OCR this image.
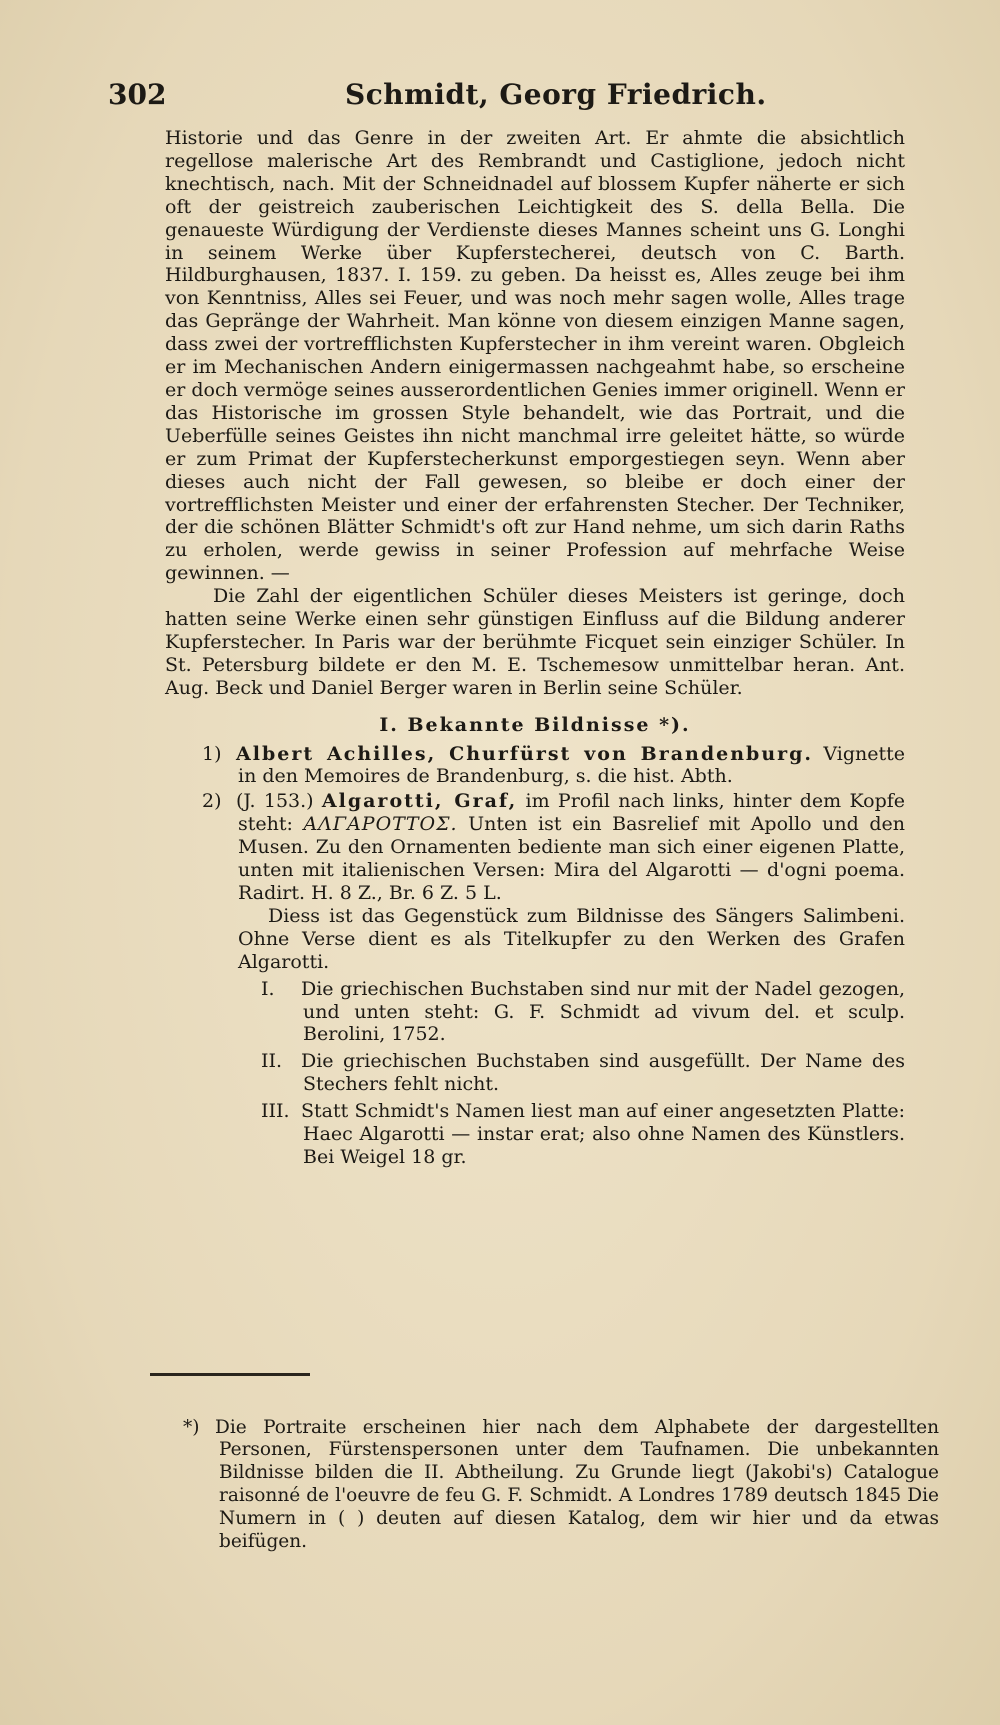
302	Schmidt, Georg Friedrich.

Historie und das Genre in der zweiten Art. Er ahmte die absichtlich regellose malerische Art des Rembrandt und Castiglione, jedoch nicht knechtisch, nach. Mit der Schneidnadel auf blossem Kupfer näherte er sich oft der geistreich zauberischen Leichtigkeit des S. della Bella. Die genaueste Würdigung der Verdienste dieses Mannes scheint uns G. Longhi in seinem Werke über Kupferstecherei, deutsch von C. Barth. Hildburghausen, 1837. I. 159. zu geben. Da heisst es, Alles zeuge bei ihm von Kenntniss, Alles sei Feuer, und was noch mehr sagen wolle, Alles trage das Gepränge der Wahrheit. Man könne von diesem einzigen Manne sagen, dass zwei der vortrefflichsten Kupferstecher in ihm vereint waren. Obgleich er im Mechanischen Andern einigermassen nachgeahmt habe, so erscheine er doch vermöge seines ausserordentlichen Genies immer originell. Wenn er das Historische im grossen Style behandelt, wie das Portrait, und die Ueberfülle seines Geistes ihn nicht manchmal irre geleitet hätte, so würde er zum Primat der Kupferstecherkunst emporgestiegen seyn. Wenn aber dieses auch nicht der Fall gewesen, so bleibe er doch einer der vortrefflichsten Meister und einer der erfahrensten Stecher. Der Techniker, der die schönen Blätter Schmidt's oft zur Hand nehme, um sich darin Raths zu erholen, werde gewiss in seiner Profession auf mehrfache Weise gewinnen. —

Die Zahl der eigentlichen Schüler dieses Meisters ist geringe, doch hatten seine Werke einen sehr günstigen Einfluss auf die Bildung anderer Kupferstecher. In Paris war der berühmte Ficquet sein einziger Schüler. In St. Petersburg bildete er den M. E. Tschemesow unmittelbar heran. Ant. Aug. Beck und Daniel Berger waren in Berlin seine Schüler.

I. Bekannte Bildnisse *).

1) Albert Achilles, Churfürst von Brandenburg. Vignette in den Memoires de Brandenburg, s. die hist. Abth.

2) (J. 153.) Algarotti, Graf, im Profil nach links, hinter dem Kopfe steht: ΑΛΓΑΡΟΤΤΟΣ. Unten ist ein Basrelief mit Apollo und den Musen. Zu den Ornamenten bediente man sich einer eigenen Platte, unten mit italienischen Versen: Mira del Algarotti — d'ogni poema. Radirt. H. 8 Z., Br. 6 Z. 5 L.

Diess ist das Gegenstück zum Bildnisse des Sängers Salimbeni. Ohne Verse dient es als Titelkupfer zu den Werken des Grafen Algarotti.

I. Die griechischen Buchstaben sind nur mit der Nadel gezogen, und unten steht: G. F. Schmidt ad vivum del. et sculp. Berolini, 1752.

II. Die griechischen Buchstaben sind ausgefüllt. Der Name des Stechers fehlt nicht.

III. Statt Schmidt's Namen liest man auf einer angesetzten Platte: Haec Algarotti — instar erat; also ohne Namen des Künstlers. Bei Weigel 18 gr.

*) Die Portraite erscheinen hier nach dem Alphabete der dargestellten Personen, Fürstenspersonen unter dem Taufnamen. Die unbekannten Bildnisse bilden die II. Abtheilung. Zu Grunde liegt (Jakobi's) Catalogue raisonné de l'oeuvre de feu G. F. Schmidt. A Londres 1789 deutsch 1845 Die Numern in ( ) deuten auf diesen Katalog, dem wir hier und da etwas beifügen.
